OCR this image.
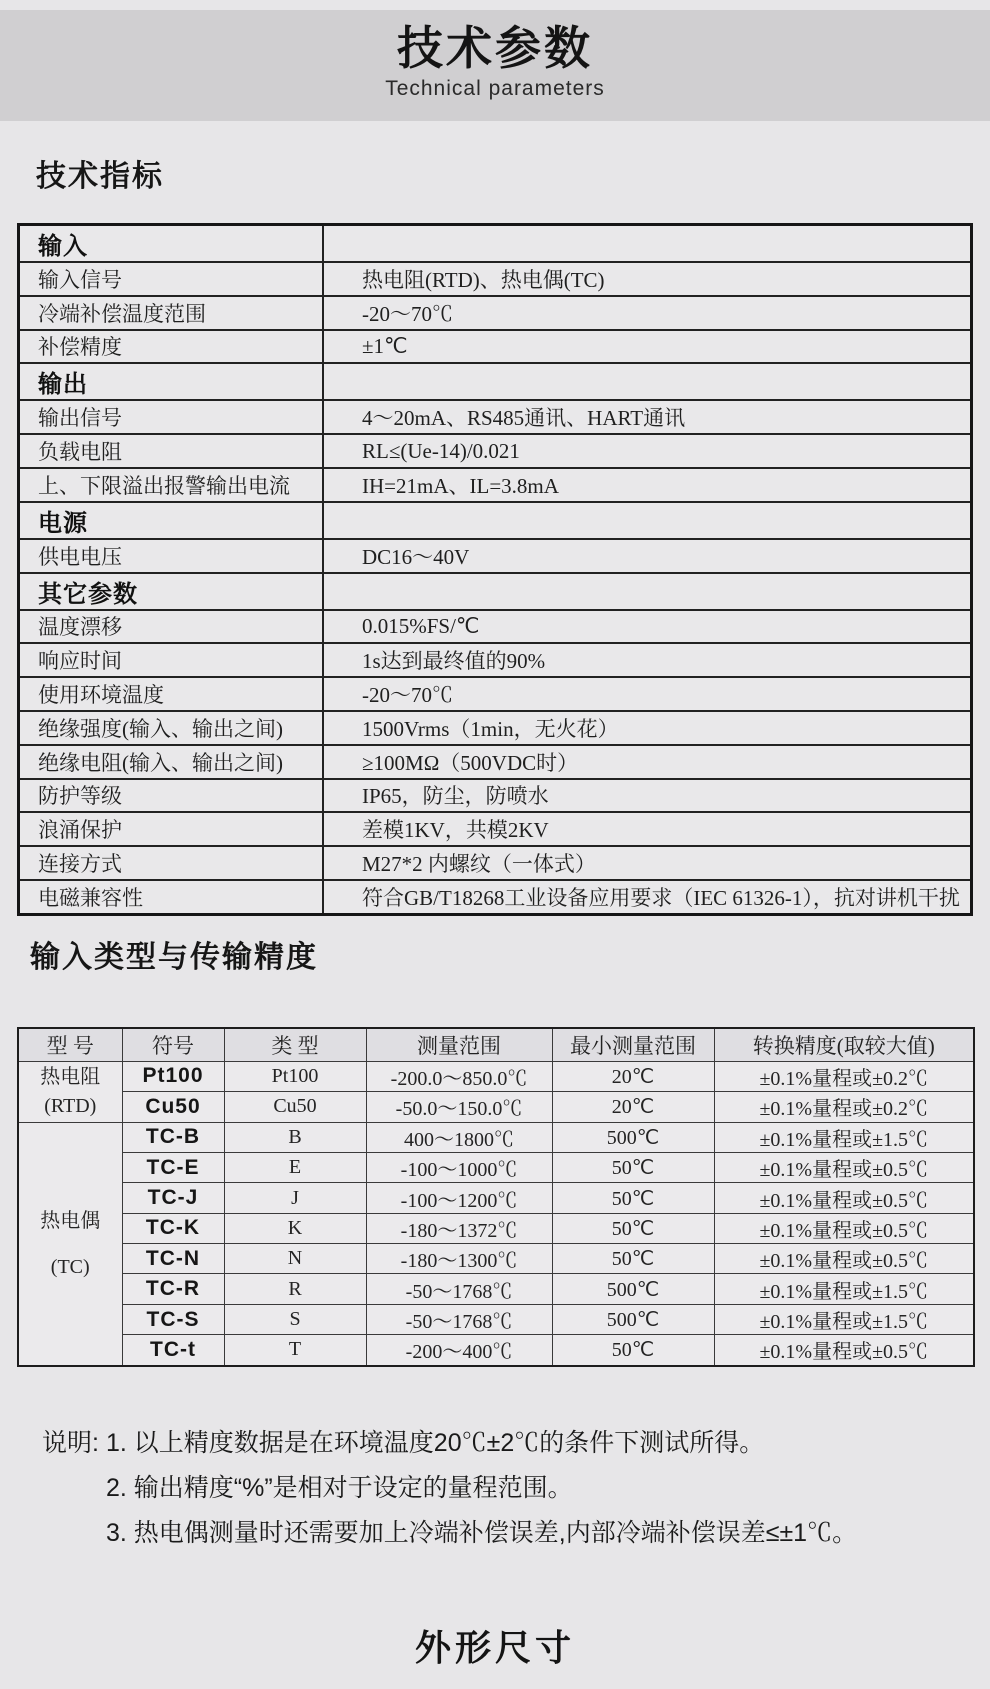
技术参数
Technical parameters
技术指标
输入	
输入信号	热电阻(RTD)、热电偶(TC)
冷端补偿温度范围	-20～70℃
补偿精度	±1℃
输出	
输出信号	4～20mA、RS485通讯、HART通讯
负载电阻	RL≤(Ue-14)/0.021
上、下限溢出报警输出电流	IH=21mA、IL=3.8mA
电源	
供电电压	DC16～40V
其它参数	
温度漂移	0.015%FS/℃
响应时间	1s达到最终值的90%
使用环境温度	-20～70℃
绝缘强度(输入、输出之间)	1500Vrms（1min，无火花）
绝缘电阻(输入、输出之间)	≥100MΩ（500VDC时）
防护等级	IP65，防尘，防喷水
浪涌保护	差模1KV，共模2KV
连接方式	M27*2 内螺纹（一体式）
电磁兼容性	符合GB/T18268工业设备应用要求（IEC 61326-1），抗对讲机干扰
输入类型与传输精度
型 号	符号	类 型	测量范围	最小测量范围	转换精度(取较大值)

热电阻
(RTD)	Pt100	Pt100	-200.0～850.0℃	20℃	±0.1%量程或±0.2℃
	Cu50	Cu50	-50.0～150.0℃	20℃	±0.1%量程或±0.2℃

热电偶
(TC)	TC-B	B	400～1800℃	500℃	±0.1%量程或±1.5℃
	TC-E	E	-100～1000℃	50℃	±0.1%量程或±0.5℃
	TC-J	J	-100～1200℃	50℃	±0.1%量程或±0.5℃
	TC-K	K	-180～1372℃	50℃	±0.1%量程或±0.5℃
	TC-N	N	-180～1300℃	50℃	±0.1%量程或±0.5℃
	TC-R	R	-50～1768℃	500℃	±0.1%量程或±1.5℃
	TC-S	S	-50～1768℃	500℃	±0.1%量程或±1.5℃
	TC-t	T	-200～400℃	50℃	±0.1%量程或±0.5℃
说明: 1. 以上精度数据是在环境温度20℃±2℃的条件下测试所得。
2. 输出精度“%”是相对于设定的量程范围。
3. 热电偶测量时还需要加上冷端补偿误差,内部冷端补偿误差≤±1℃。
外形尺寸
